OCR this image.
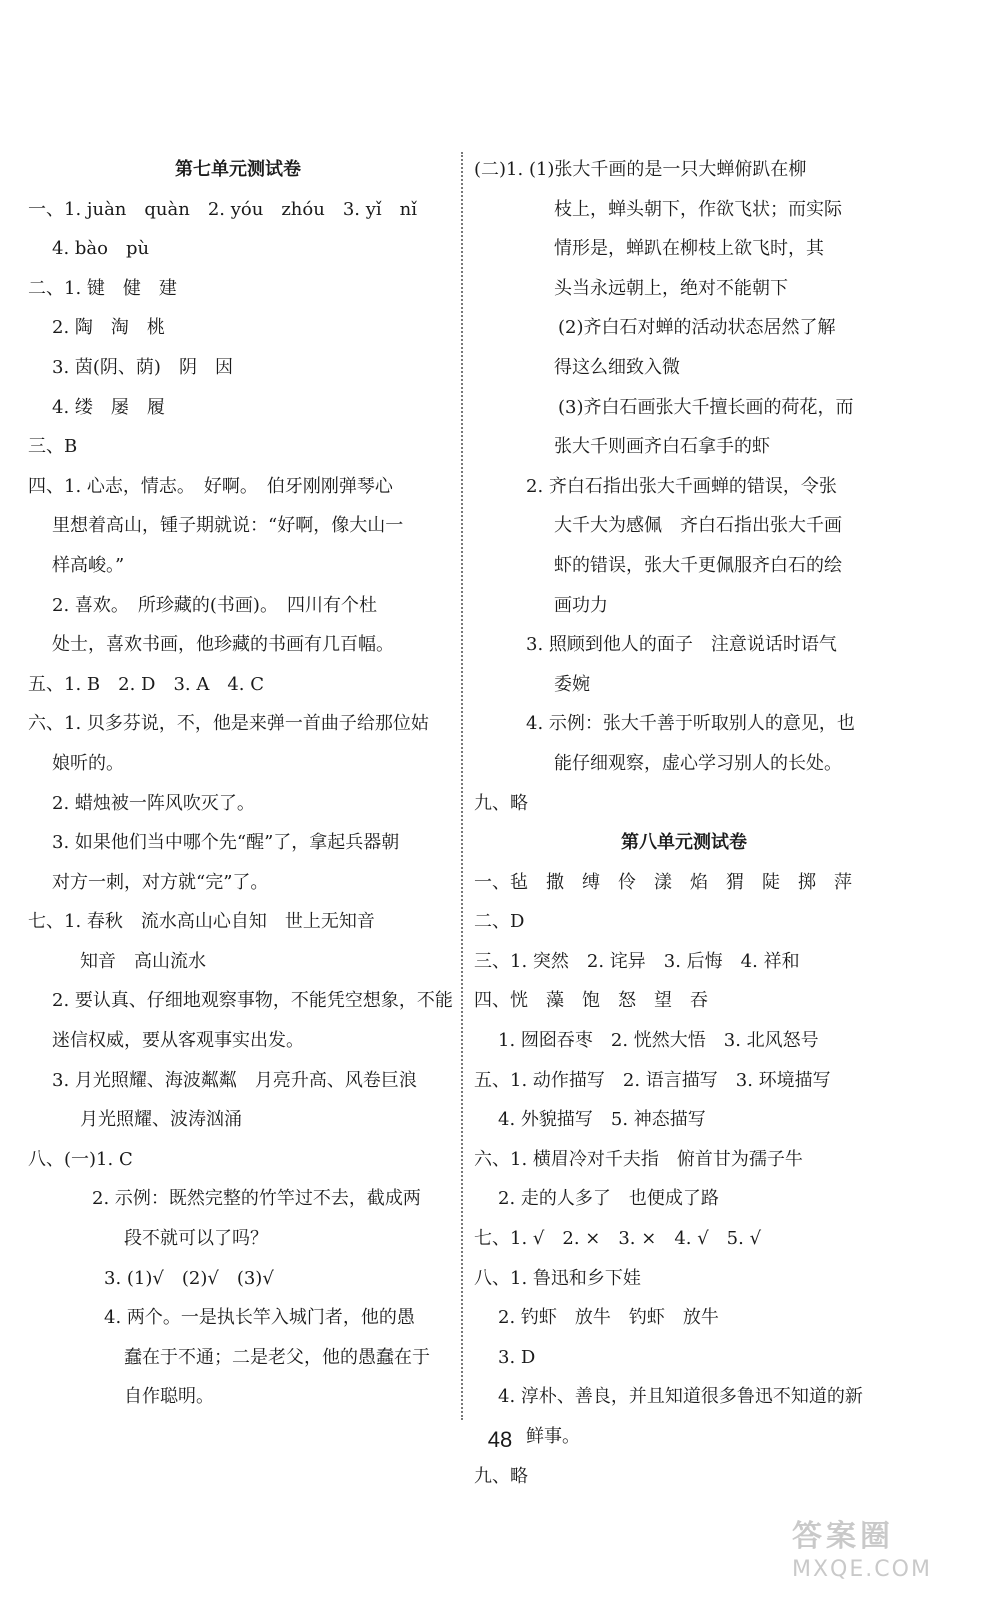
第七单元测试卷
一、1. juàn　quàn　2. yóu　zhóu　3. yǐ　nǐ
4. bào　pù
二、1. 键　健　建
2. 陶　淘　桃
3. 茵(阴、荫)　阴　因
4. 缕　屡　履
三、B
四、1. 心志，情志。　好啊。　伯牙刚刚弹琴心
里想着高山，锺子期就说：“好啊，像大山一
样高峻。”
2. 喜欢。　所珍藏的(书画)。　四川有个杜
处士，喜欢书画，他珍藏的书画有几百幅。
五、1. B　2. D　3. A　4. C
六、1. 贝多芬说，不，他是来弹一首曲子给那位姑
娘听的。
2. 蜡烛被一阵风吹灭了。
3. 如果他们当中哪个先“醒”了，拿起兵器朝
对方一刺，对方就“完”了。
七、1. 春秋　流水高山心自知　世上无知音
知音　高山流水
2. 要认真、仔细地观察事物，不能凭空想象，不能
迷信权威，要从客观事实出发。
3. 月光照耀、海波粼粼　月亮升高、风卷巨浪
月光照耀、波涛汹涌
八、(一)1. C
2. 示例：既然完整的竹竿过不去，截成两
段不就可以了吗？
3. (1)√　(2)√　(3)√
4. 两个。一是执长竿入城门者，他的愚
蠢在于不通；二是老父，他的愚蠢在于
自作聪明。
(二)1. (1)张大千画的是一只大蝉俯趴在柳
枝上，蝉头朝下，作欲飞状；而实际
情形是，蝉趴在柳枝上欲飞时，其
头当永远朝上，绝对不能朝下
(2)齐白石对蝉的活动状态居然了解
得这么细致入微
(3)齐白石画张大千擅长画的荷花，而
张大千则画齐白石拿手的虾
2. 齐白石指出张大千画蝉的错误，令张
大千大为感佩　齐白石指出张大千画
虾的错误，张大千更佩服齐白石的绘
画功力
3. 照顾到他人的面子　注意说话时语气
委婉
4. 示例：张大千善于听取别人的意见，也
能仔细观察，虚心学习别人的长处。
九、略
第八单元测试卷
一、毡　撒　缚　伶　漾　焰　猬　陡　掷　萍
二、D
三、1. 突然　2. 诧异　3. 后悔　4. 祥和
四、恍　藻　饱　怒　望　吞
1. 囫囵吞枣　2. 恍然大悟　3. 北风怒号
五、1. 动作描写　2. 语言描写　3. 环境描写
4. 外貌描写　5. 神态描写
六、1. 横眉冷对千夫指　俯首甘为孺子牛
2. 走的人多了　也便成了路
七、1. √　2. ×　3. ×　4. √　5. √
八、1. 鲁迅和乡下娃
2. 钓虾　放牛　钓虾　放牛
3. D
4. 淳朴、善良，并且知道很多鲁迅不知道的新
鲜事。
九、略
48
答案圈
MXQE.COM
